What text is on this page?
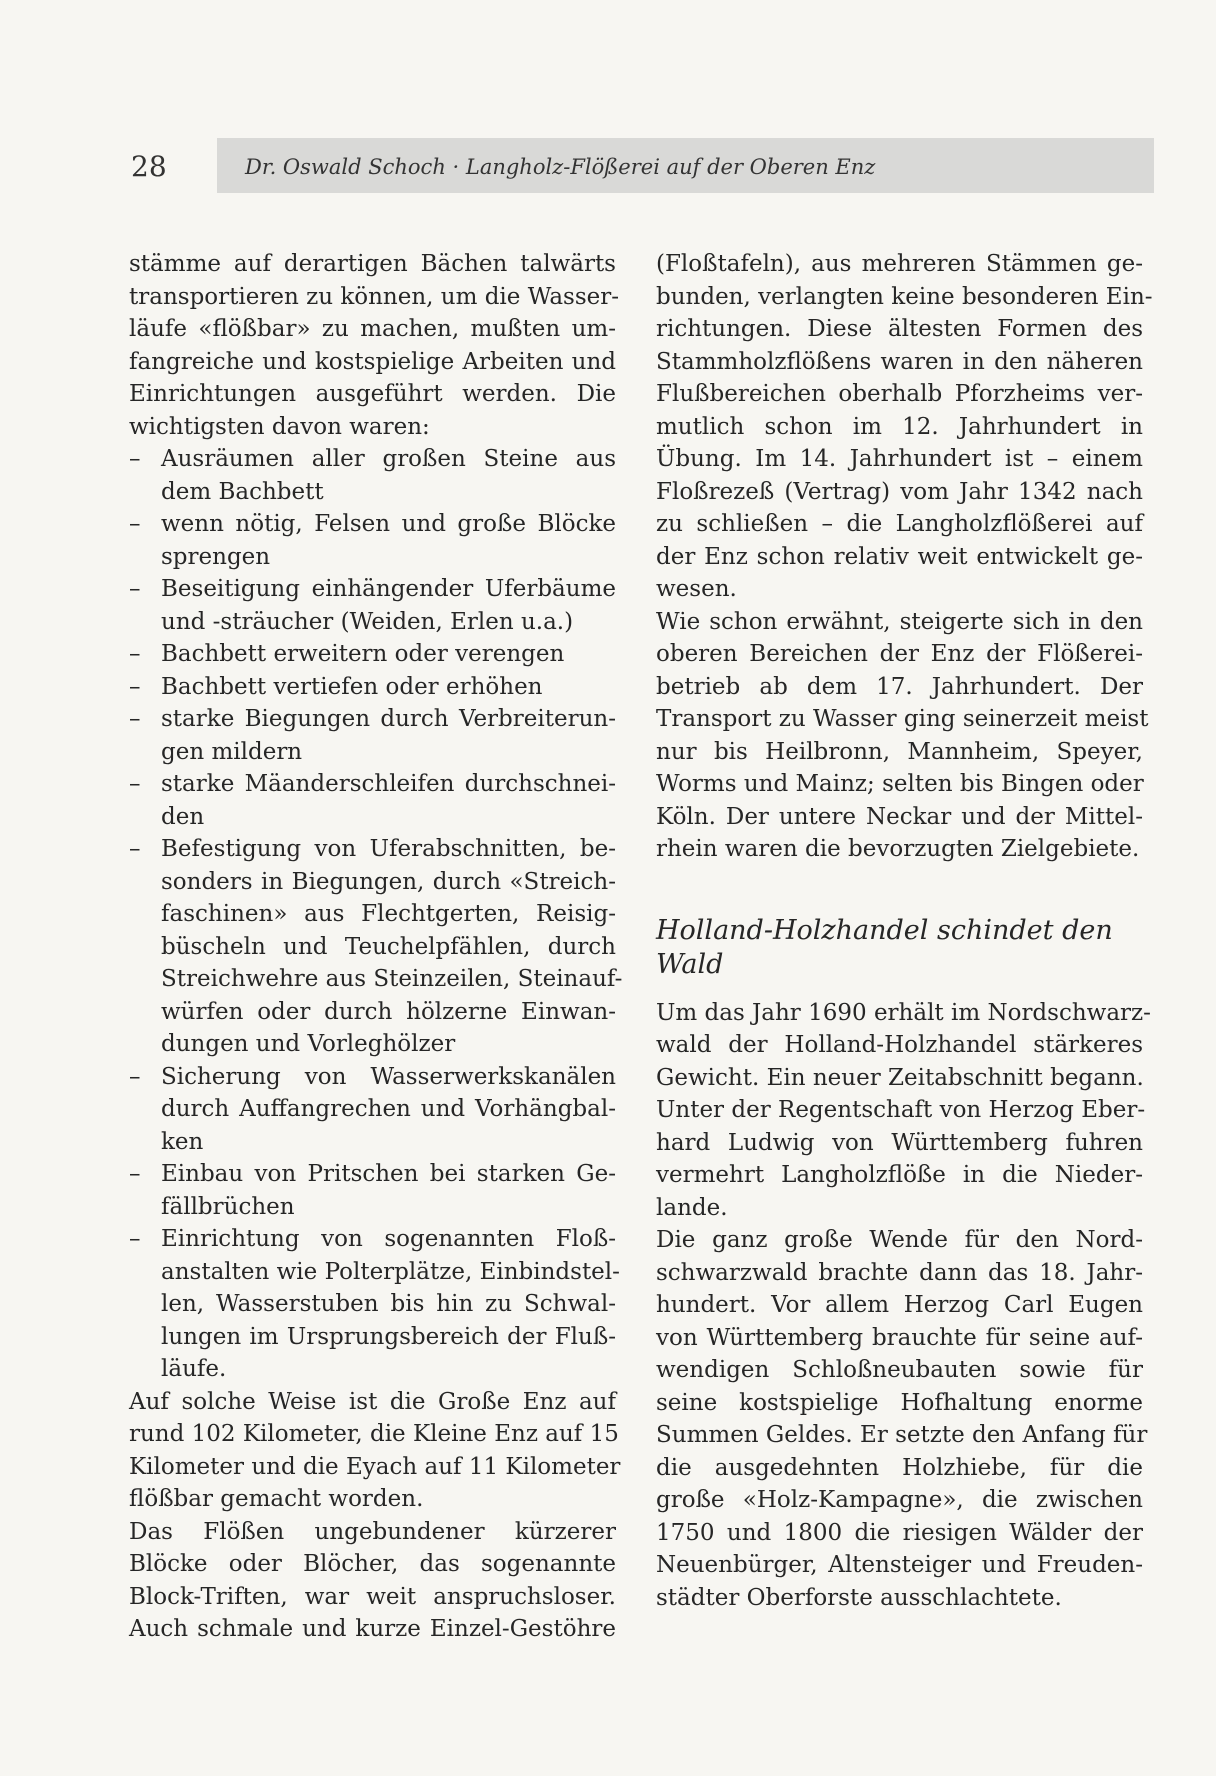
28	Dr. Oswald Schoch · Langholz-Flößerei auf der Oberen Enz
stämme auf derartigen Bächen talwärts
transportieren zu können, um die Wasser-
läufe «flößbar» zu machen, mußten um-
fangreiche und kostspielige Arbeiten und
Einrichtungen ausgeführt werden. Die
wichtigsten davon waren:
– Ausräumen aller großen Steine aus
dem Bachbett
– wenn nötig, Felsen und große Blöcke
sprengen
– Beseitigung einhängender Uferbäume
und -sträucher (Weiden, Erlen u.a.)
– Bachbett erweitern oder verengen
– Bachbett vertiefen oder erhöhen
– starke Biegungen durch Verbreiterun-
gen mildern
– starke Mäanderschleifen durchschnei-
den
– Befestigung von Uferabschnitten, be-
sonders in Biegungen, durch «Streich-
faschinen» aus Flechtgerten, Reisig-
büscheln und Teuchelpfählen, durch
Streichwehre aus Steinzeilen, Steinauf-
würfen oder durch hölzerne Einwan-
dungen und Vorleghölzer
– Sicherung von Wasserwerkskanälen
durch Auffangrechen und Vorhängbal-
ken
– Einbau von Pritschen bei starken Ge-
fällbrüchen
– Einrichtung von sogenannten Floß-
anstalten wie Polterplätze, Einbindstel-
len, Wasserstuben bis hin zu Schwal-
lungen im Ursprungsbereich der Fluß-
läufe.
Auf solche Weise ist die Große Enz auf
rund 102 Kilometer, die Kleine Enz auf 15
Kilometer und die Eyach auf 11 Kilometer
flößbar gemacht worden.
Das Flößen ungebundener kürzerer
Blöcke oder Blöcher, das sogenannte
Block-Triften, war weit anspruchsloser.
Auch schmale und kurze Einzel-Gestöhre
(Floßtafeln), aus mehreren Stämmen ge-
bunden, verlangten keine besonderen Ein-
richtungen. Diese ältesten Formen des
Stammholzflößens waren in den näheren
Flußbereichen oberhalb Pforzheims ver-
mutlich schon im 12. Jahrhundert in
Übung. Im 14. Jahrhundert ist – einem
Floßrezeß (Vertrag) vom Jahr 1342 nach
zu schließen – die Langholzflößerei auf
der Enz schon relativ weit entwickelt ge-
wesen.
Wie schon erwähnt, steigerte sich in den
oberen Bereichen der Enz der Flößerei-
betrieb ab dem 17. Jahrhundert. Der
Transport zu Wasser ging seinerzeit meist
nur bis Heilbronn, Mannheim, Speyer,
Worms und Mainz; selten bis Bingen oder
Köln. Der untere Neckar und der Mittel-
rhein waren die bevorzugten Zielgebiete.
Holland-Holzhandel schindet den
Wald
Um das Jahr 1690 erhält im Nordschwarz-
wald der Holland-Holzhandel stärkeres
Gewicht. Ein neuer Zeitabschnitt begann.
Unter der Regentschaft von Herzog Eber-
hard Ludwig von Württemberg fuhren
vermehrt Langholzflöße in die Nieder-
lande.
Die ganz große Wende für den Nord-
schwarzwald brachte dann das 18. Jahr-
hundert. Vor allem Herzog Carl Eugen
von Württemberg brauchte für seine auf-
wendigen Schloßneubauten sowie für
seine kostspielige Hofhaltung enorme
Summen Geldes. Er setzte den Anfang für
die ausgedehnten Holzhiebe, für die
große «Holz-Kampagne», die zwischen
1750 und 1800 die riesigen Wälder der
Neuenbürger, Altensteiger und Freuden-
städter Oberforste ausschlachtete.
